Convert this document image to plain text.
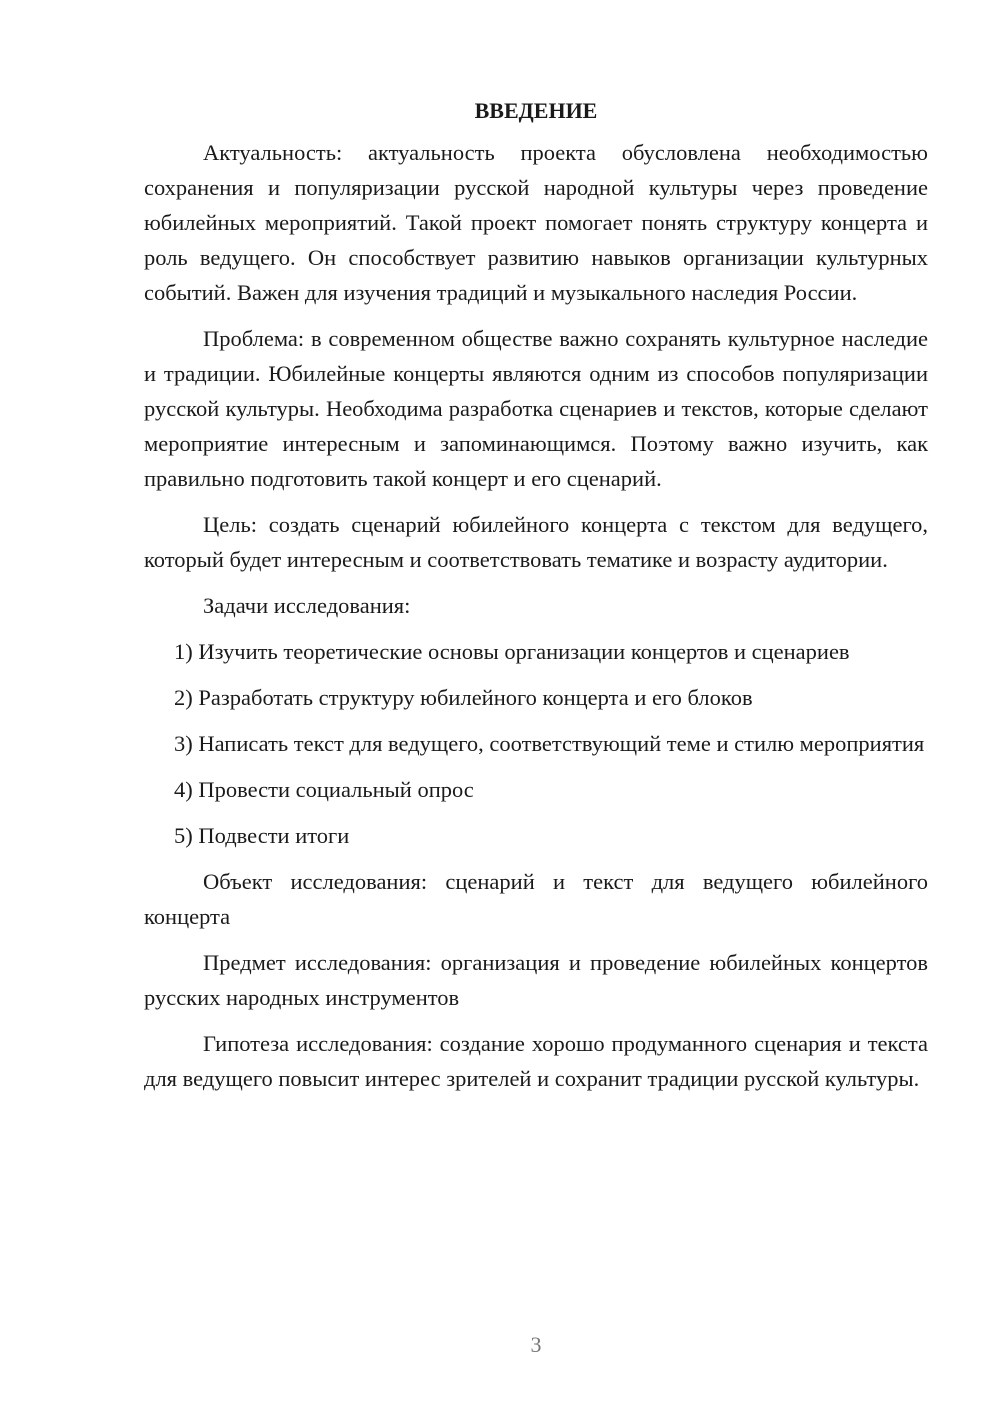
ВВЕДЕНИЕ

Актуальность: актуальность проекта обусловлена необходимостью сохранения и популяризации русской народной культуры через проведение юбилейных мероприятий. Такой проект помогает понять структуру концерта и роль ведущего. Он способствует развитию навыков организации культурных событий. Важен для изучения традиций и музыкального наследия России.

Проблема: в современном обществе важно сохранять культурное наследие и традиции. Юбилейные концерты являются одним из способов популяризации русской культуры. Необходима разработка сценариев и текстов, которые сделают мероприятие интересным и запоминающимся. Поэтому важно изучить, как правильно подготовить такой концерт и его сценарий.

Цель: создать сценарий юбилейного концерта с текстом для ведущего, который будет интересным и соответствовать тематике и возрасту аудитории.

Задачи исследования:

1) Изучить теоретические основы организации концертов и сценариев

2) Разработать структуру юбилейного концерта и его блоков

3) Написать текст для ведущего, соответствующий теме и стилю мероприятия

4) Провести социальный опрос

5) Подвести итоги

Объект исследования: сценарий и текст для ведущего юбилейного концерта

Предмет исследования: организация и проведение юбилейных концертов русских народных инструментов

Гипотеза исследования: создание хорошо продуманного сценария и текста для ведущего повысит интерес зрителей и сохранит традиции русской культуры.

3
